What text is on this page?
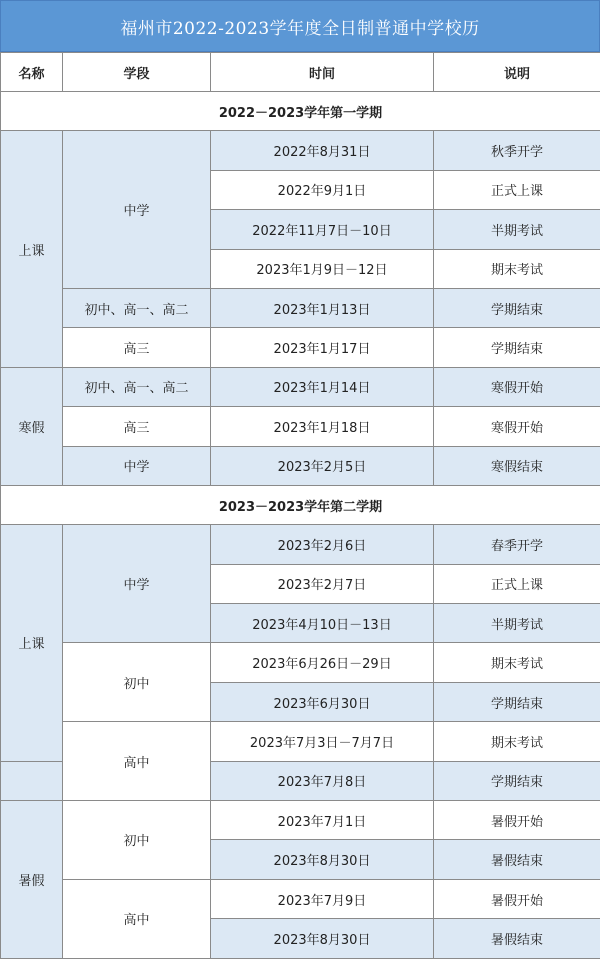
福州市2022-2023学年度全日制普通中学校历
名称	学段	时间	说明
2022－2023学年第一学期			
上课	中学	2022年8月31日	秋季开学
		2022年9月1日	正式上课
		2022年11月7日－10日	半期考试
		2023年1月9日－12日	期末考试
	初中、高一、高二	2023年1月13日	学期结束
	高三	2023年1月17日	学期结束
寒假	初中、高一、高二	2023年1月14日	寒假开始
	高三	2023年1月18日	寒假开始
	中学	2023年2月5日	寒假结束
2023－2023学年第二学期			
上课	中学	2023年2月6日	春季开学
		2023年2月7日	正式上课
		2023年4月10日－13日	半期考试
	初中	2023年6月26日－29日	期末考试
		2023年6月30日	学期结束
	高中	2023年7月3日－7月7日	期末考试
		2023年7月8日	学期结束
暑假	初中	2023年7月1日	暑假开始
		2023年8月30日	暑假结束
	高中	2023年7月9日	暑假开始
		2023年8月30日	暑假结束
